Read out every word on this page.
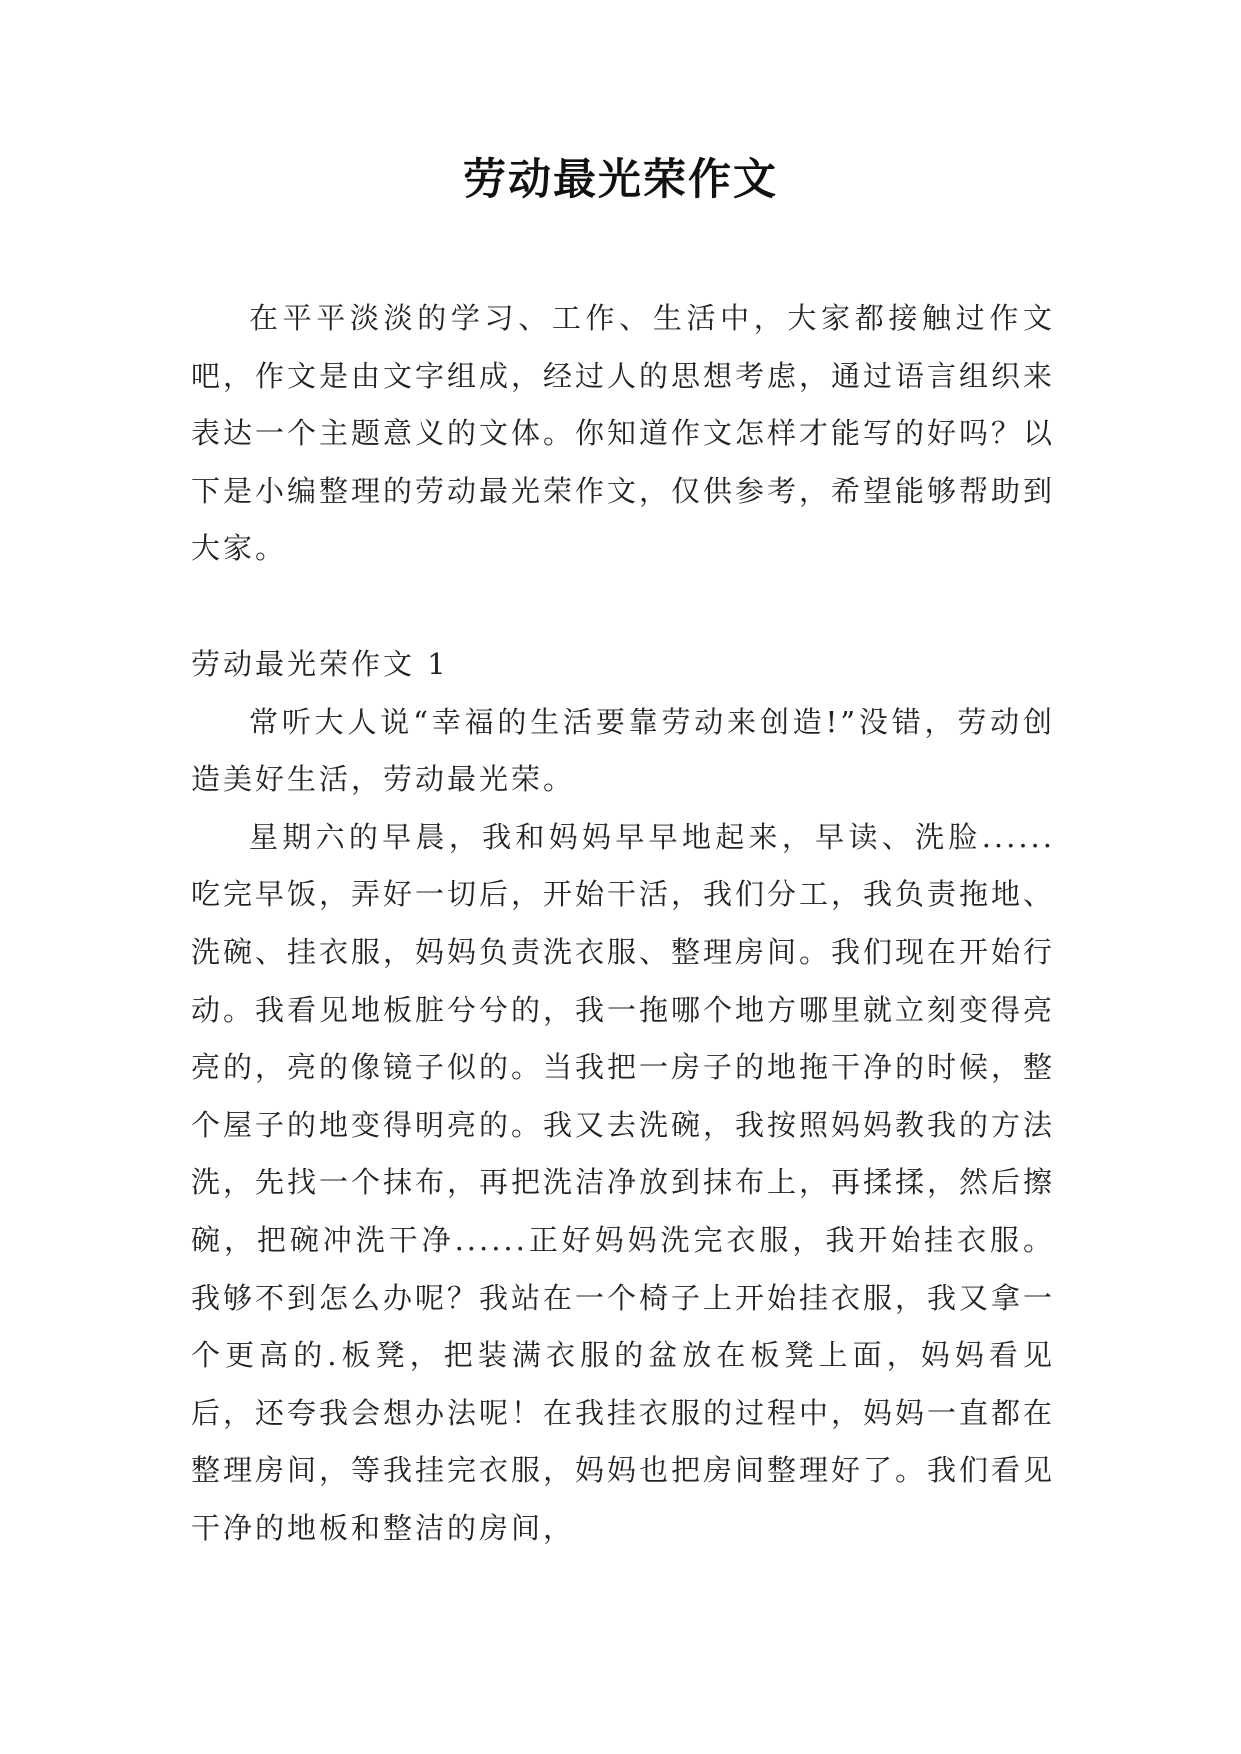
劳动最光荣作文

在平平淡淡的学习、工作、生活中，大家都接触过作文吧，作文是由文字组成，经过人的思想考虑，通过语言组织来表达一个主题意义的文体。你知道作文怎样才能写的好吗？以下是小编整理的劳动最光荣作文，仅供参考，希望能够帮助到大家。

劳动最光荣作文 1

常听大人说“幸福的生活要靠劳动来创造!”没错，劳动创造美好生活，劳动最光荣。

星期六的早晨，我和妈妈早早地起来，早读、洗脸......吃完早饭，弄好一切后，开始干活，我们分工，我负责拖地、洗碗、挂衣服，妈妈负责洗衣服、整理房间。我们现在开始行动。我看见地板脏兮兮的，我一拖哪个地方哪里就立刻变得亮亮的，亮的像镜子似的。当我把一房子的地拖干净的时候，整个屋子的地变得明亮的。我又去洗碗，我按照妈妈教我的方法洗，先找一个抹布，再把洗洁净放到抹布上，再揉揉，然后擦碗，把碗冲洗干净......正好妈妈洗完衣服，我开始挂衣服。我够不到怎么办呢？我站在一个椅子上开始挂衣服，我又拿一个更高的.板凳，把装满衣服的盆放在板凳上面，妈妈看见后，还夸我会想办法呢！在我挂衣服的过程中，妈妈一直都在整理房间，等我挂完衣服，妈妈也把房间整理好了。我们看见干净的地板和整洁的房间，
